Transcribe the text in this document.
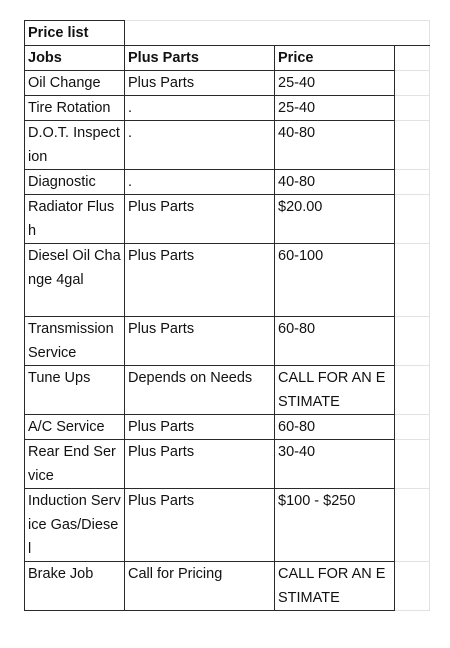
Price list			
Jobs	Plus Parts	Price	
Oil Change	Plus Parts	25-40	
Tire Rotation	.	25-40	
D.O.T. Inspection	.	40-80	
Diagnostic	.	40-80	
Radiator Flush	Plus Parts	$20.00	
Diesel Oil Change 4gal	Plus Parts	60-100	
Transmission Service	Plus Parts	60-80	
Tune Ups	Depends on Needs	CALL FOR AN ESTIMATE	
A/C Service	Plus Parts	60-80	
Rear End Service	Plus Parts	30-40	
Induction Service Gas/Diesel	Plus Parts	$100 - $250	
Brake Job	Call for Pricing	CALL FOR AN ESTIMATE	
